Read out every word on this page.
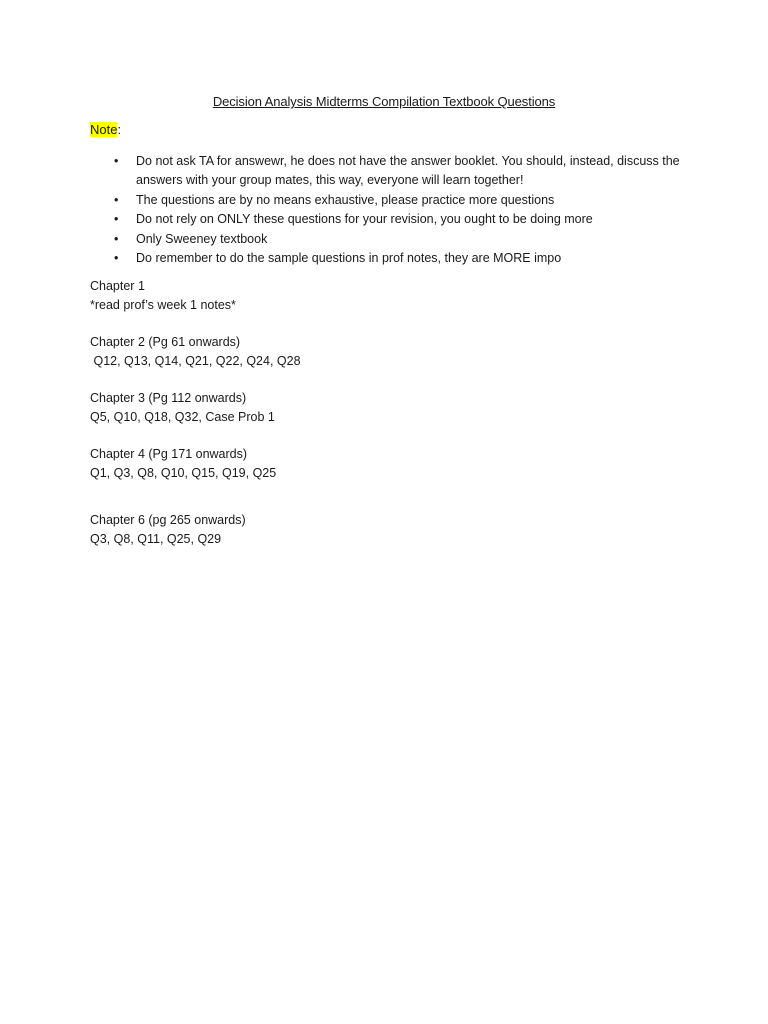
Decision Analysis Midterms Compilation Textbook Questions
Note:
• Do not ask TA for answewr, he does not have the answer booklet. You should, instead, discuss the answers with your group mates, this way, everyone will learn together!
• The questions are by no means exhaustive, please practice more questions
• Do not rely on ONLY these questions for your revision, you ought to be doing more
• Only Sweeney textbook
• Do remember to do the sample questions in prof notes, they are MORE impo
Chapter 1
*read prof’s week 1 notes*
Chapter 2 (Pg 61 onwards)
Q12, Q13, Q14, Q21, Q22, Q24, Q28
Chapter 3 (Pg 112 onwards)
Q5, Q10, Q18, Q32, Case Prob 1
Chapter 4 (Pg 171 onwards)
Q1, Q3, Q8, Q10, Q15, Q19, Q25
Chapter 6 (pg 265 onwards)
Q3, Q8, Q11, Q25, Q29
